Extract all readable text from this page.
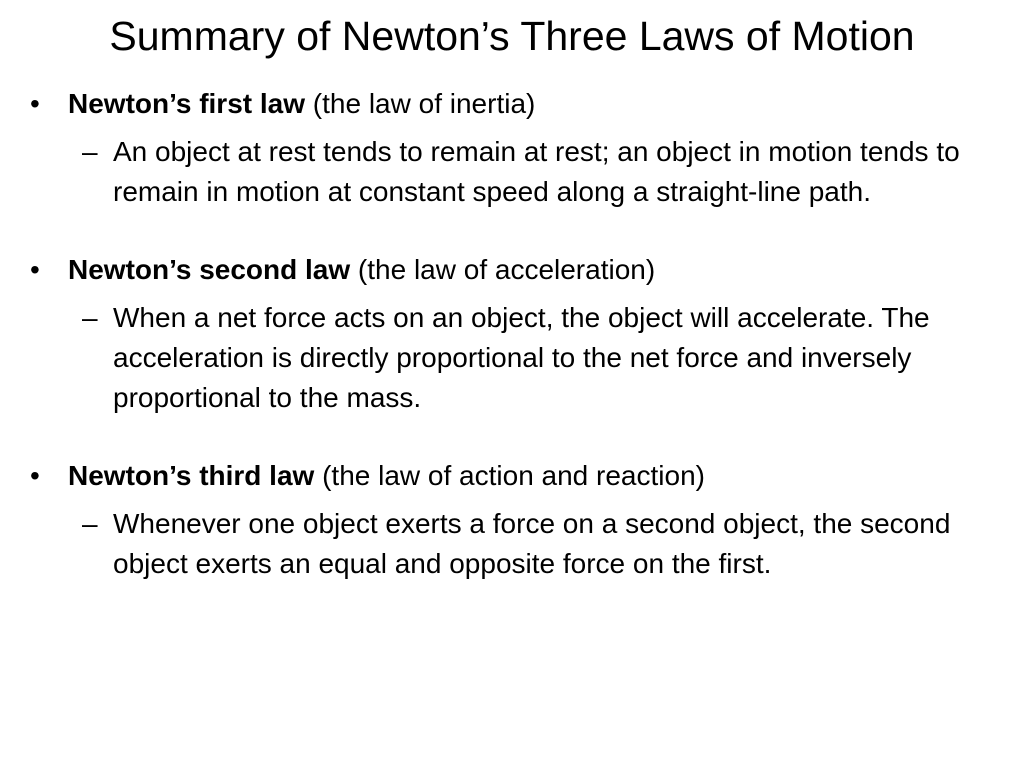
Summary of Newton’s Three Laws of Motion
• Newton’s first law (the law of inertia)
– An object at rest tends to remain at rest; an object in motion tends to remain in motion at constant speed along a straight-line path.
• Newton’s second law (the law of acceleration)
– When a net force acts on an object, the object will accelerate. The acceleration is directly proportional to the net force and inversely proportional to the mass.
• Newton’s third law (the law of action and reaction)
– Whenever one object exerts a force on a second object, the second object exerts an equal and opposite force on the first.
